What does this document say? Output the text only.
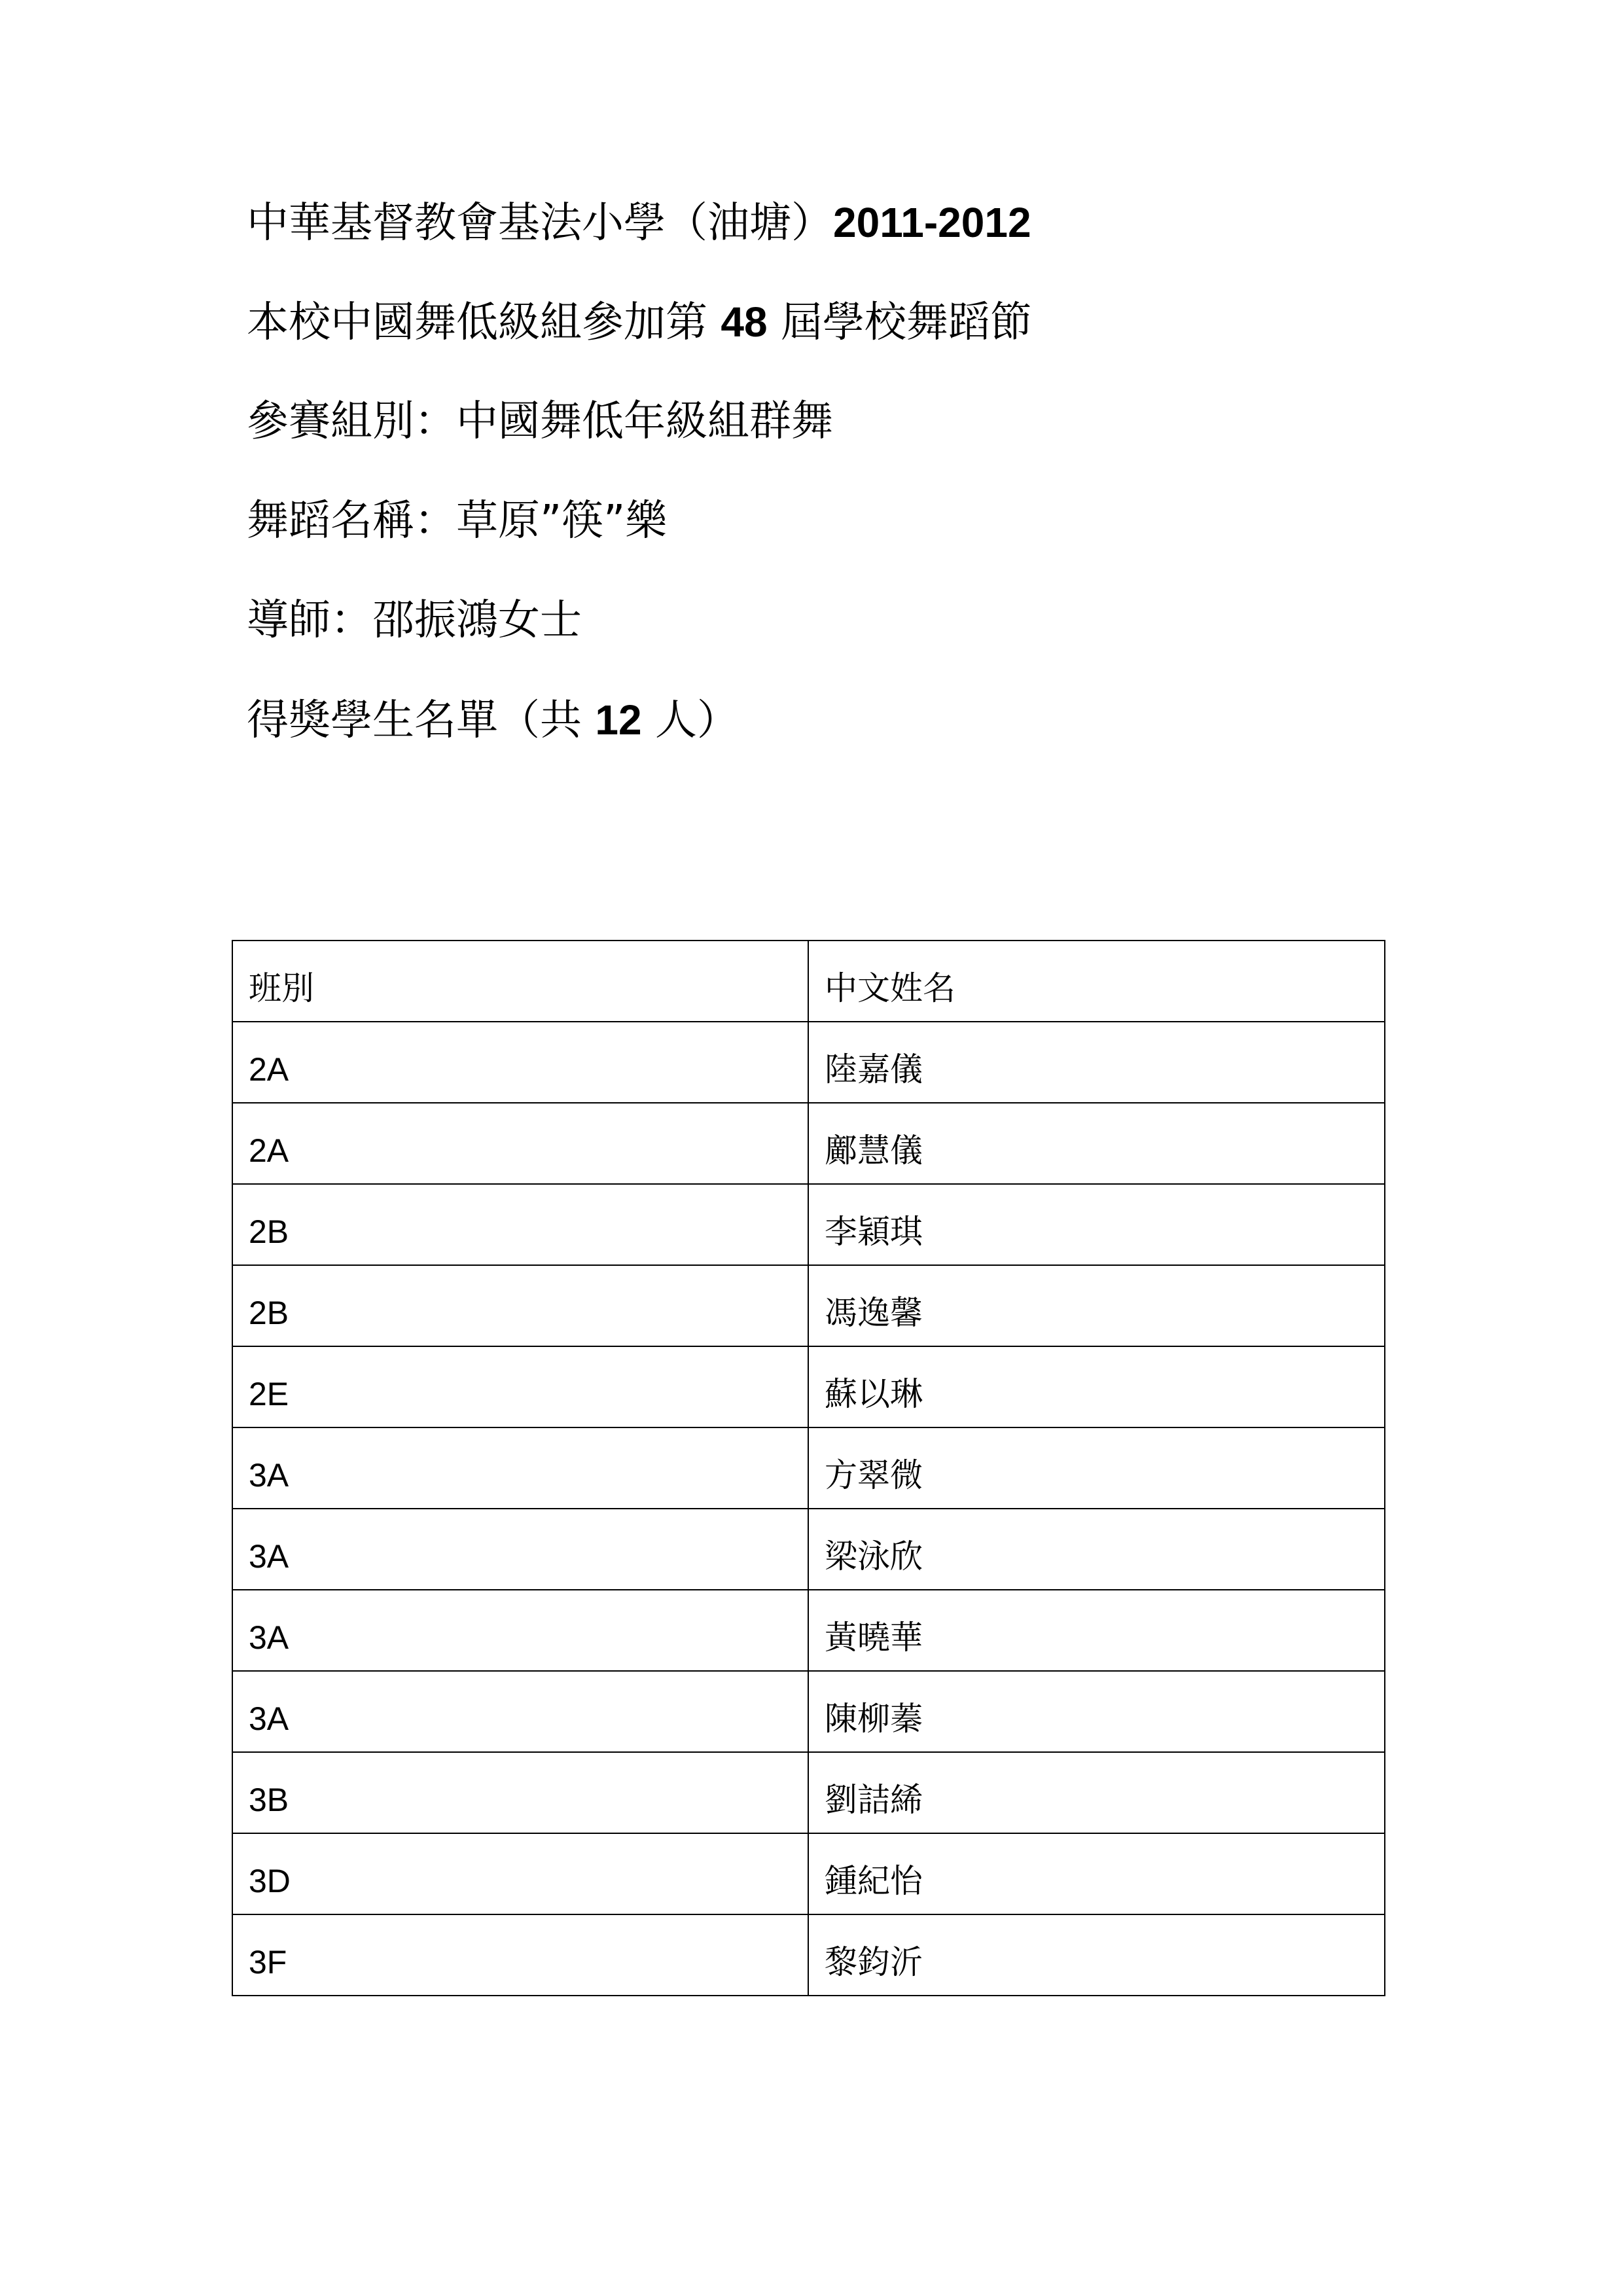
中華基督教會基法小學（油塘）2011-2012
本校中國舞低級組參加第 48 屆學校舞蹈節
參賽組別：中國舞低年級組群舞
舞蹈名稱：草原”筷”樂
導師：邵振鴻女士
得獎學生名單（共 12 人）
班別	中文姓名

2A	陸嘉儀

2A	鄺慧儀

2B	李穎琪

2B	馮逸馨

2E	蘇以琳

3A	方翠微

3A	梁泳欣

3A	黃曉華

3A	陳柳蓁

3B	劉詰絺

3D	鍾紀怡

3F	黎鈞沂
